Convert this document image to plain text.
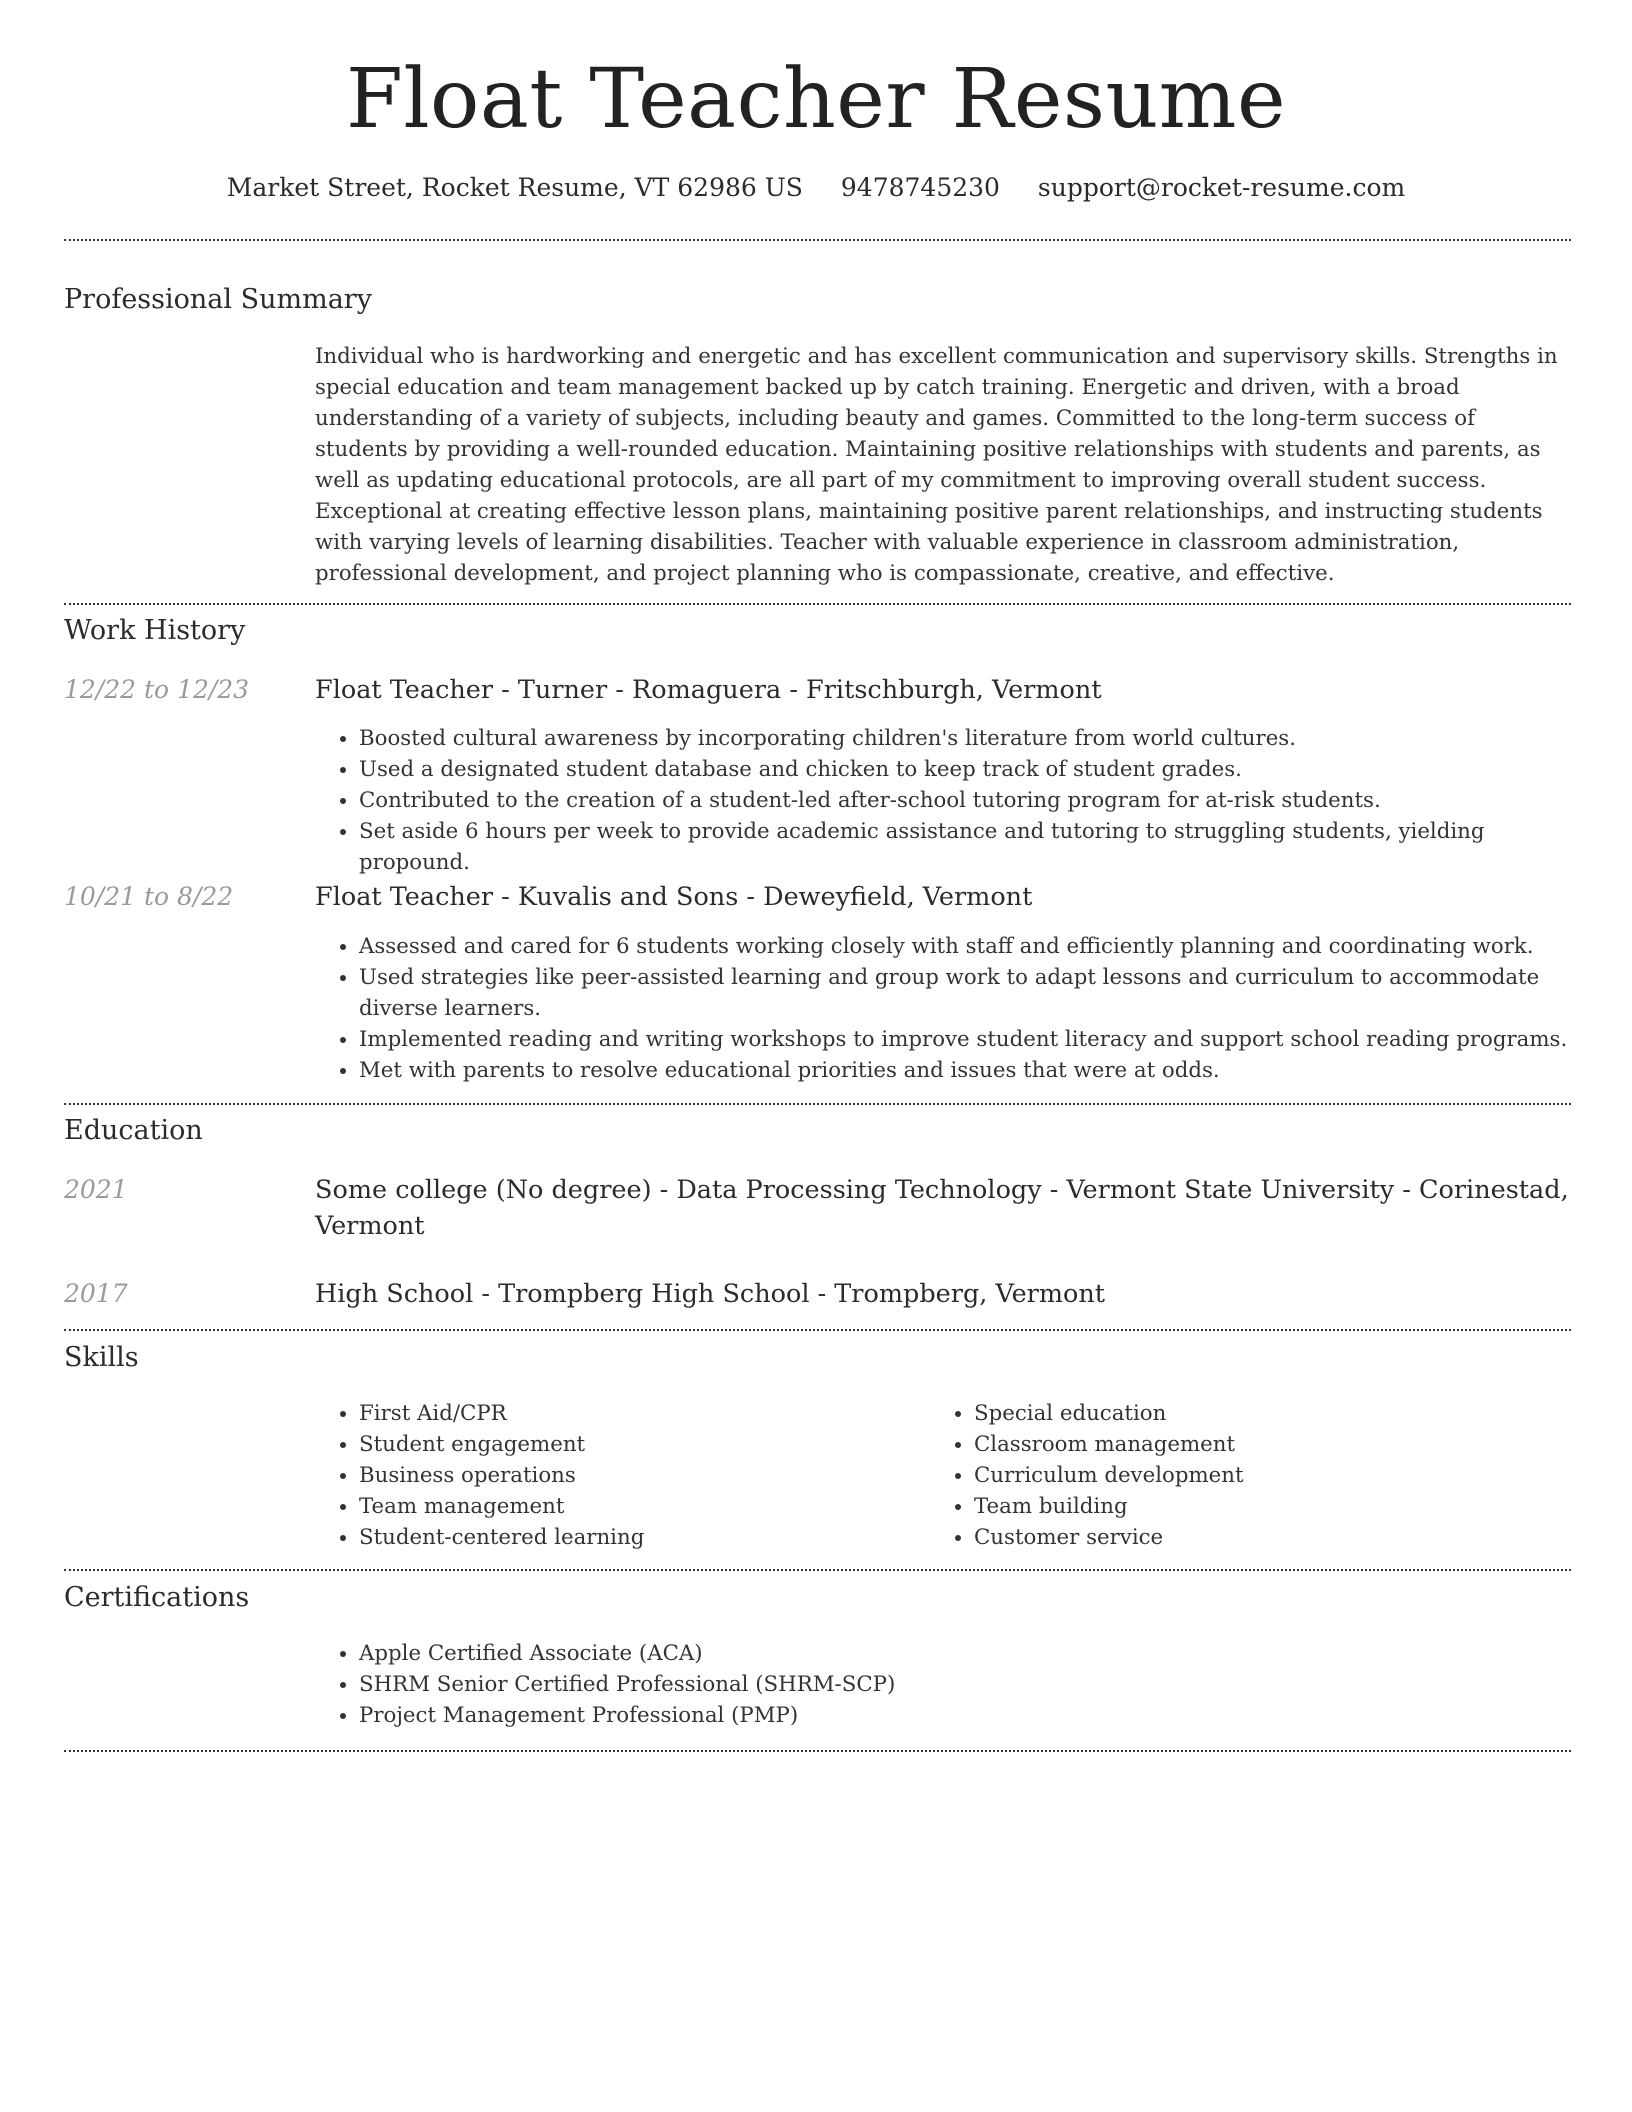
Float Teacher Resume
Market Street, Rocket Resume, VT 62986 US 9478745230 support@rocket-resume.com
Professional Summary

Individual who is hardworking and energetic and has excellent communication and supervisory skills. Strengths in special education and team management backed up by catch training. Energetic and driven, with a broad understanding of a variety of subjects, including beauty and games. Committed to the long-term success of students by providing a well-rounded education. Maintaining positive relationships with students and parents, as well as updating educational protocols, are all part of my commitment to improving overall student success. Exceptional at creating effective lesson plans, maintaining positive parent relationships, and instructing students with varying levels of learning disabilities. Teacher with valuable experience in classroom administration, professional development, and project planning who is compassionate, creative, and effective.

Work History
12/22 to 12/23	Float Teacher - Turner - Romaguera - Fritschburgh, Vermont
• Boosted cultural awareness by incorporating children's literature from world cultures.
• Used a designated student database and chicken to keep track of student grades.
• Contributed to the creation of a student-led after-school tutoring program for at-risk students.
• Set aside 6 hours per week to provide academic assistance and tutoring to struggling students, yielding propound.
10/21 to 8/22	Float Teacher - Kuvalis and Sons - Deweyfield, Vermont
• Assessed and cared for 6 students working closely with staff and efficiently planning and coordinating work.
• Used strategies like peer-assisted learning and group work to adapt lessons and curriculum to accommodate diverse learners.
• Implemented reading and writing workshops to improve student literacy and support school reading programs.
• Met with parents to resolve educational priorities and issues that were at odds.
Education
2021	Some college (No degree) - Data Processing Technology - Vermont State University - Corinestad, Vermont
2017	High School - Trompberg High School - Trompberg, Vermont
Skills
• First Aid/CPR
• Student engagement
• Business operations
• Team management
• Student-centered learning
• Special education
• Classroom management
• Curriculum development
• Team building
• Customer service
Certifications
• Apple Certified Associate (ACA)
• SHRM Senior Certified Professional (SHRM-SCP)
• Project Management Professional (PMP)
